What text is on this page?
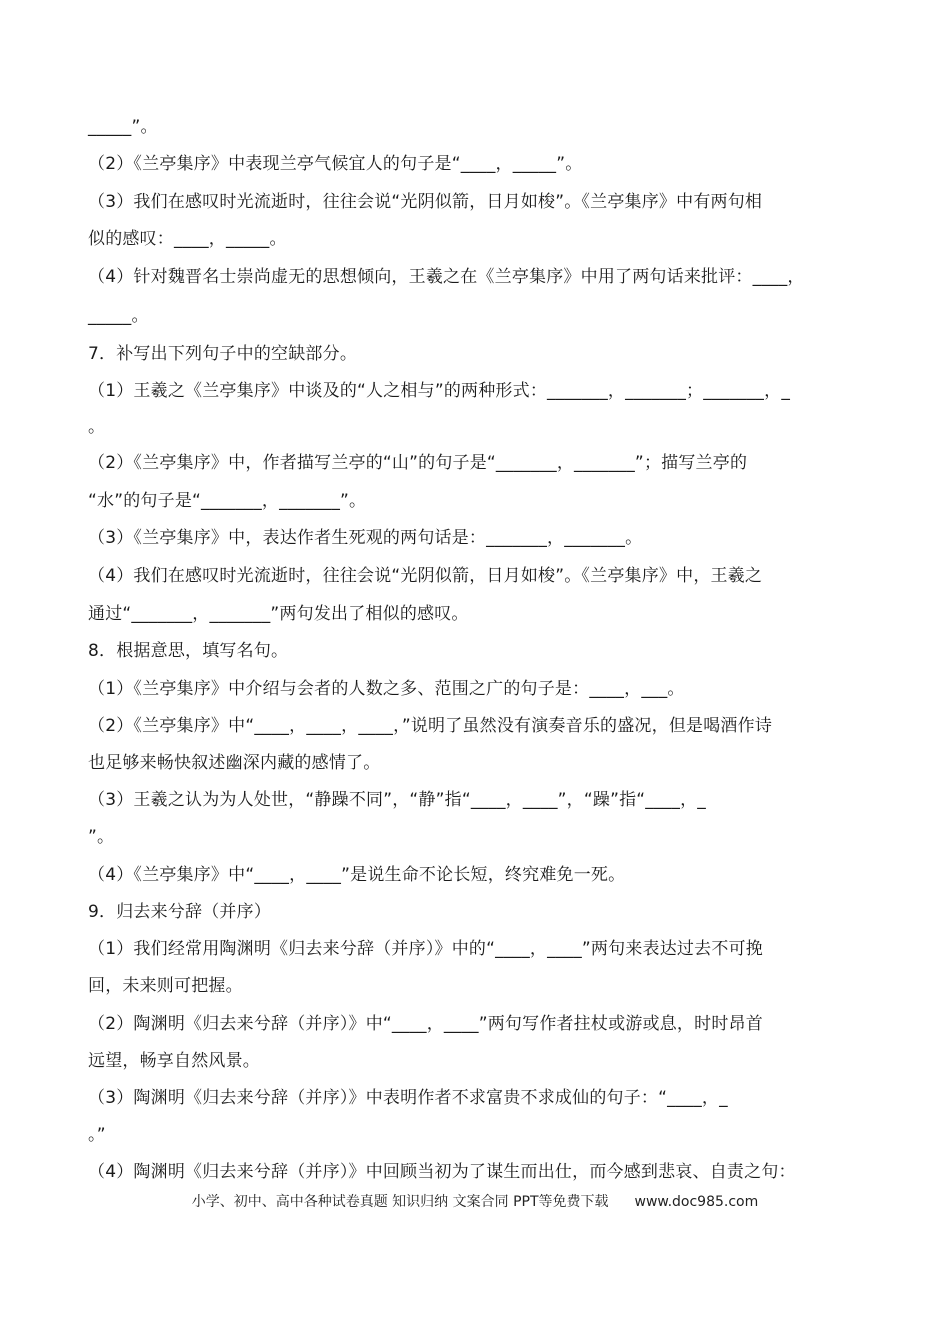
_____”。
（2）《兰亭集序》中表现兰亭气候宜人的句子是“____，_____”。
（3）我们在感叹时光流逝时，往往会说“光阴似箭，日月如梭”。《兰亭集序》中有两句相
似的感叹：____，_____。
（4）针对魏晋名士崇尚虚无的思想倾向，王羲之在《兰亭集序》中用了两句话来批评：____，
_____。
7．补写出下列句子中的空缺部分。
（1）王羲之《兰亭集序》中谈及的“人之相与”的两种形式：_______，_______；_______，_
。
（2）《兰亭集序》中，作者描写兰亭的“山”的句子是“_______，_______”；描写兰亭的
“水”的句子是“_______，_______”。
（3）《兰亭集序》中，表达作者生死观的两句话是：_______，_______。
（4）我们在感叹时光流逝时，往往会说“光阴似箭，日月如梭”。《兰亭集序》中，王羲之
通过“_______，_______”两句发出了相似的感叹。
8．根据意思，填写名句。
（1）《兰亭集序》中介绍与会者的人数之多、范围之广的句子是：____，___。
（2）《兰亭集序》中“____，____，____，”说明了虽然没有演奏音乐的盛况，但是喝酒作诗
也足够来畅快叙述幽深内藏的感情了。
（3）王羲之认为为人处世，“静躁不同”，“静”指“____，____”，“躁”指“____，_
”。
（4）《兰亭集序》中“____，____”是说生命不论长短，终究难免一死。
9．归去来兮辞（并序）
（1）我们经常用陶渊明《归去来兮辞（并序）》中的“____，____”两句来表达过去不可挽
回，未来则可把握。
（2）陶渊明《归去来兮辞（并序）》中“____，____”两句写作者拄杖或游或息，时时昂首
远望，畅享自然风景。
（3）陶渊明《归去来兮辞（并序）》中表明作者不求富贵不求成仙的句子：“____，_
。”
（4）陶渊明《归去来兮辞（并序）》中回顾当初为了谋生而出仕，而今感到悲哀、自责之句：
小学、初中、高中各种试卷真题 知识归纳 文案合同 PPT等免费下载 www.doc985.com
